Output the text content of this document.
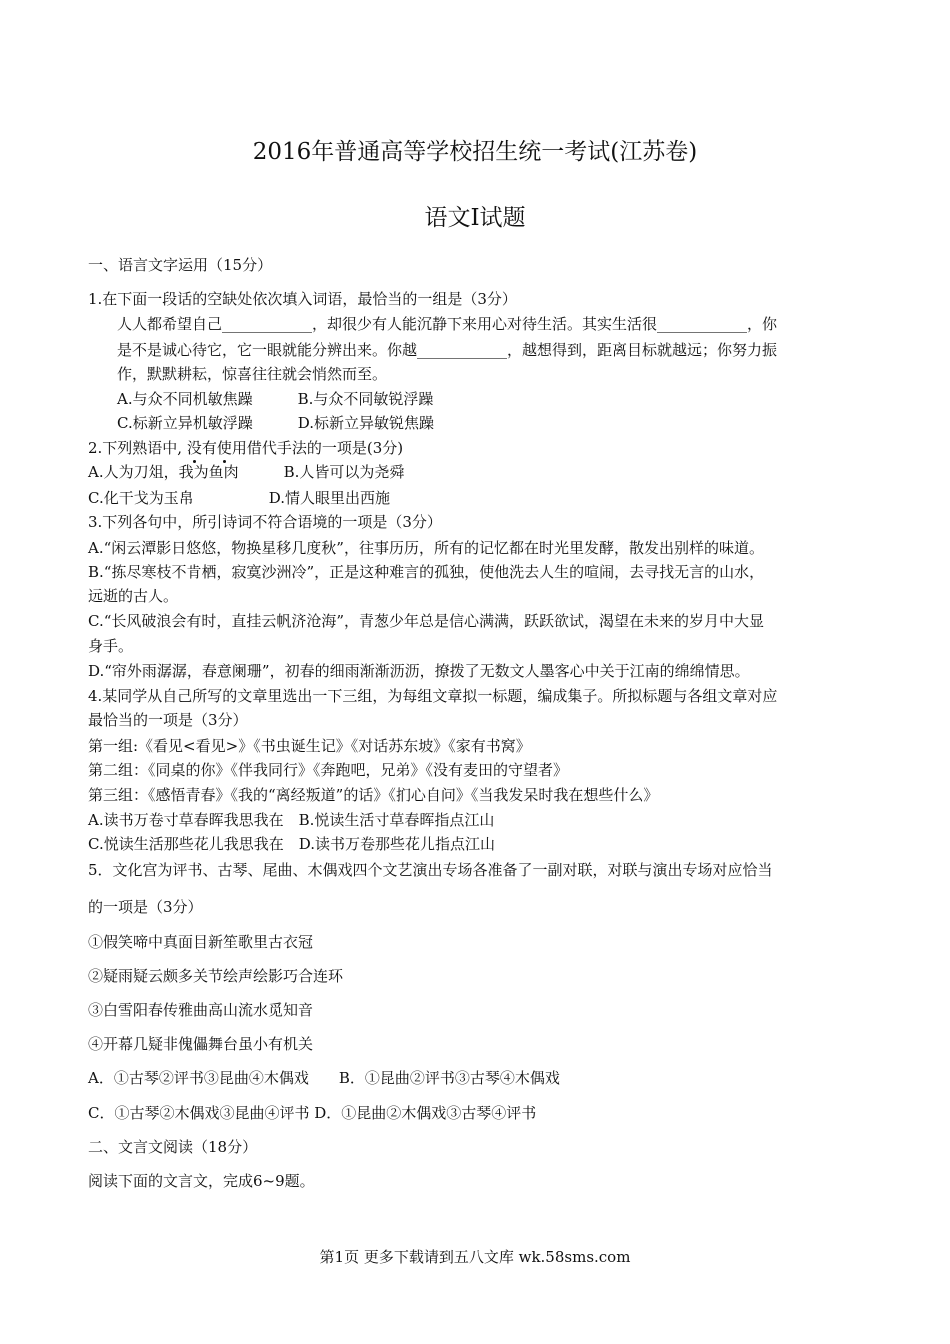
2016年普通高等学校招生统一考试(江苏卷)
语文I试题
一、语言文字运用（15分）
1.在下面一段话的空缺处依次填入词语，最恰当的一组是（3分）
人人都希望自己____________，却很少有人能沉静下来用心对待生活。其实生活很____________，你
是不是诚心待它，它一眼就能分辨出来。你越____________，越想得到，距离目标就越远；你努力振
作，默默耕耘，惊喜往往就会悄然而至。
A.与众不同机敏焦躁　　　B.与众不同敏锐浮躁
C.标新立异机敏浮躁　　　D.标新立异敏锐焦躁
2.下列熟语中, 没有使用借代手法的一项是(3分)
A.人为刀俎，我为鱼肉　　　B.人皆可以为尧舜
C.化干戈为玉帛　　　　　D.情人眼里出西施
3.下列各句中，所引诗词不符合语境的一项是（3分）
A.“闲云潭影日悠悠，物换星移几度秋”，往事历历，所有的记忆都在时光里发酵，散发出别样的味道。
B.“拣尽寒枝不肯栖，寂寞沙洲冷”，正是这种难言的孤独，使他洗去人生的喧闹，去寻找无言的山水，
远逝的古人。
C.“长风破浪会有时，直挂云帆济沧海”，青葱少年总是信心满满，跃跃欲试，渴望在未来的岁月中大显
身手。
D.“帘外雨潺潺，春意阑珊”，初春的细雨渐渐沥沥，撩拨了无数文人墨客心中关于江南的绵绵情思。
4.某同学从自己所写的文章里选出一下三组，为每组文章拟一标题，编成集子。所拟标题与各组文章对应
最恰当的一项是（3分）
第一组:《看见<看见>》《书虫诞生记》《对话苏东坡》《家有书窝》
第二组：《同桌的你》《伴我同行》《奔跑吧，兄弟》《没有麦田的守望者》
第三组：《感悟青春》《我的“离经叛道”的话》《扪心自问》《当我发呆时我在想些什么》
A.读书万卷寸草春晖我思我在　B.悦读生活寸草春晖指点江山
C.悦读生活那些花儿我思我在　D.读书万卷那些花儿指点江山
5．文化宫为评书、古琴、尾曲、木偶戏四个文艺演出专场各准备了一副对联，对联与演出专场对应恰当
的一项是（3分）
①假笑啼中真面目新笙歌里古衣冠
②疑雨疑云颇多关节绘声绘影巧合连环
③白雪阳春传雅曲高山流水觅知音
④开幕几疑非傀儡舞台虽小有机关
A．①古琴②评书③昆曲④木偶戏　　B．①昆曲②评书③古琴④木偶戏
C．①古琴②木偶戏③昆曲④评书 D．①昆曲②木偶戏③古琴④评书
二、文言文阅读（18分）
阅读下面的文言文，完成6~9题。
第1页 更多下载请到五八文库 wk.58sms.com
